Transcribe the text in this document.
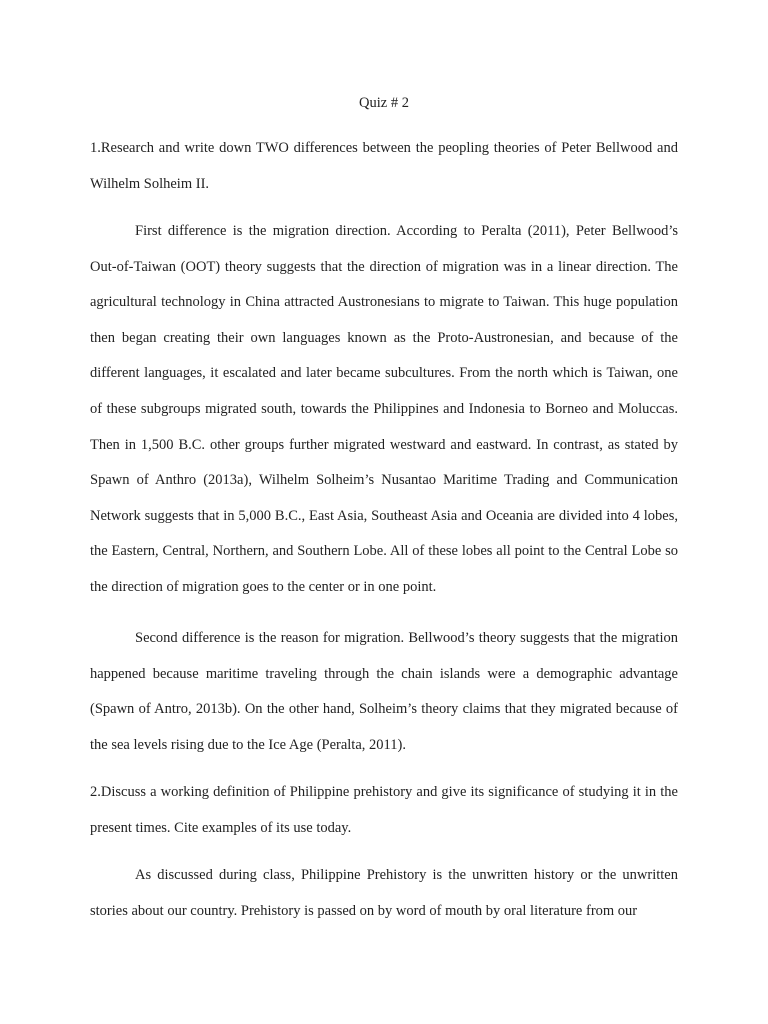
Quiz # 2

1.Research and write down TWO differences between the peopling theories of Peter Bellwood and Wilhelm Solheim II.

First difference is the migration direction. According to Peralta (2011), Peter Bellwood’s Out-of-Taiwan (OOT) theory suggests that the direction of migration was in a linear direction. The agricultural technology in China attracted Austronesians to migrate to Taiwan. This huge population then began creating their own languages known as the Proto-Austronesian, and because of the different languages, it escalated and later became subcultures. From the north which is Taiwan, one of these subgroups migrated south, towards the Philippines and Indonesia to Borneo and Moluccas. Then in 1,500 B.C. other groups further migrated westward and eastward. In contrast, as stated by Spawn of Anthro (2013a), Wilhelm Solheim’s Nusantao Maritime Trading and Communication Network suggests that in 5,000 B.C., East Asia, Southeast Asia and Oceania are divided into 4 lobes, the Eastern, Central, Northern, and Southern Lobe. All of these lobes all point to the Central Lobe so the direction of migration goes to the center or in one point.

Second difference is the reason for migration. Bellwood’s theory suggests that the migration happened because maritime traveling through the chain islands were a demographic advantage (Spawn of Antro, 2013b). On the other hand, Solheim’s theory claims that they migrated because of the sea levels rising due to the Ice Age (Peralta, 2011).

2.Discuss a working definition of Philippine prehistory and give its significance of studying it in the present times. Cite examples of its use today.

As discussed during class, Philippine Prehistory is the unwritten history or the unwritten stories about our country. Prehistory is passed on by word of mouth by oral literature from our
